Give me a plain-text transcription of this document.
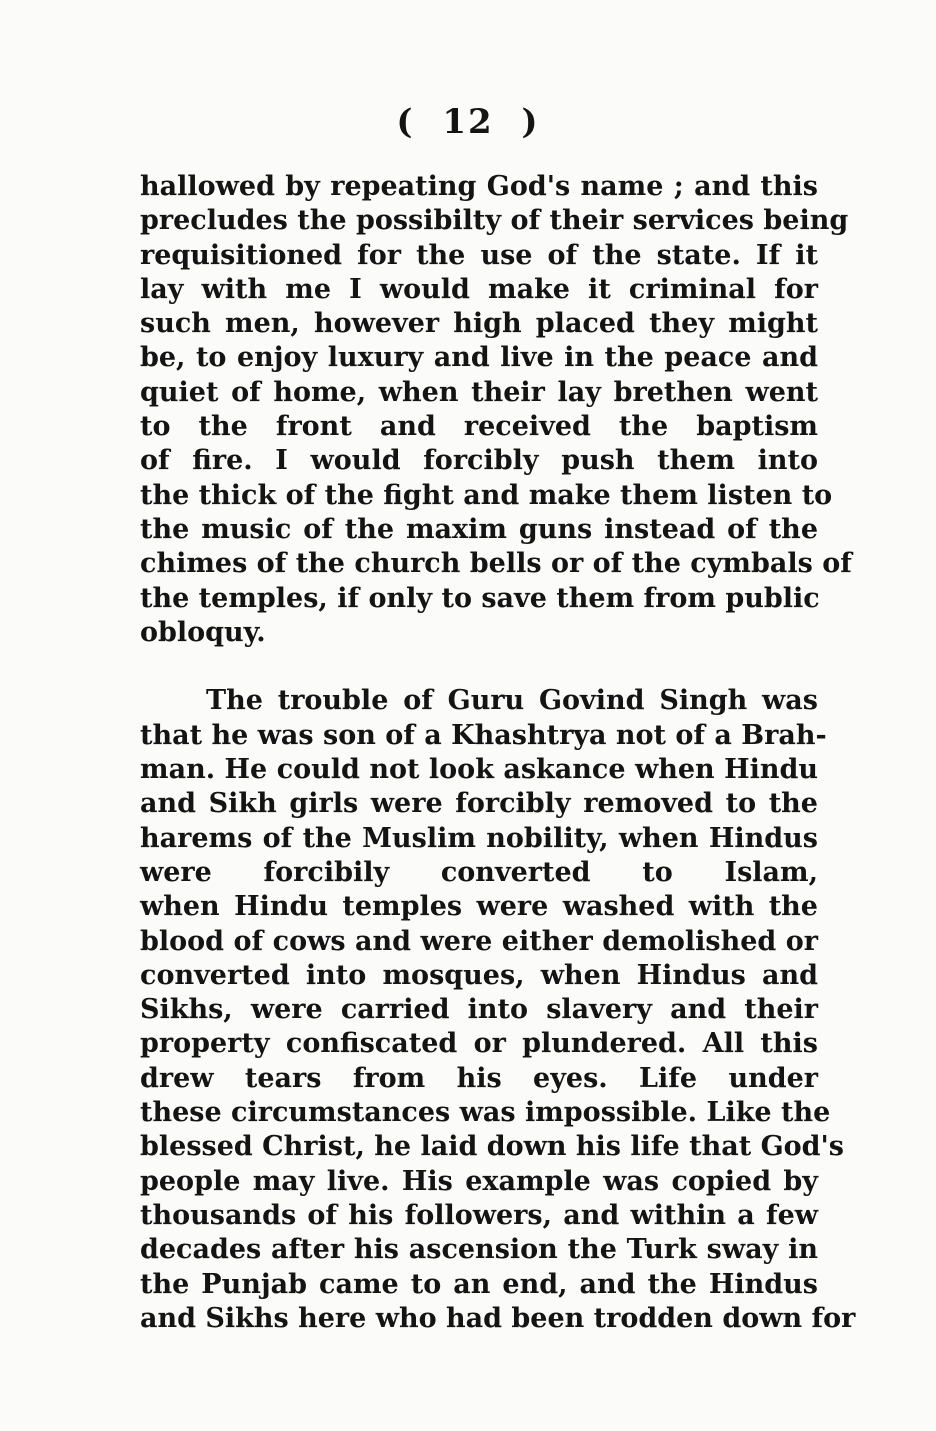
( 12 )
hallowed by repeating God's name ; and this
precludes the possibilty of their services being
requisitioned for the use of the state. If it
lay with me I would make it criminal for
such men, however high placed they might
be, to enjoy luxury and live in the peace and
quiet of home, when their lay brethen went
to the front and received the baptism
of fire. I would forcibly push them into
the thick of the fight and make them listen to
the music of the maxim guns instead of the
chimes of the church bells or of the cymbals of
the temples, if only to save them from public
obloquy.
The trouble of Guru Govind Singh was
that he was son of a Khashtrya not of a Brah-
man. He could not look askance when Hindu
and Sikh girls were forcibly removed to the
harems of the Muslim nobility, when Hindus
were forcibily converted to Islam,
when Hindu temples were washed with the
blood of cows and were either demolished or
converted into mosques, when Hindus and
Sikhs, were carried into slavery and their
property confiscated or plundered. All this
drew tears from his eyes. Life under
these circumstances was impossible. Like the
blessed Christ, he laid down his life that God's
people may live. His example was copied by
thousands of his followers, and within a few
decades after his ascension the Turk sway in
the Punjab came to an end, and the Hindus
and Sikhs here who had been trodden down for
